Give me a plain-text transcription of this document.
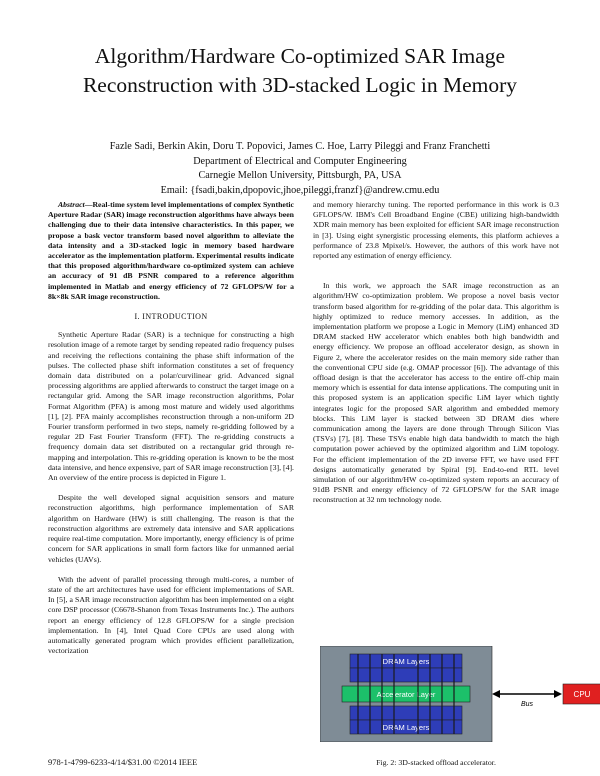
Algorithm/Hardware Co-optimized SAR Image
Reconstruction with 3D-stacked Logic in Memory
Fazle Sadi, Berkin Akin, Doru T. Popovici, James C. Hoe, Larry Pileggi and Franz Franchetti
Department of Electrical and Computer Engineering
Carnegie Mellon University, Pittsburgh, PA, USA
Email: {fsadi,bakin,dpopovic,jhoe,pileggi,franzf}@andrew.cmu.edu

Abstract—Real-time system level implementations of complex Synthetic Aperture Radar (SAR) image reconstruction algorithms have always been challenging due to their data intensive characteristics. In this paper, we propose a bask vector transform based novel algorithm to alleviate the data intensity and a 3D-stacked logic in memory based hardware accelerator as the implementation platform. Experimental results indicate that this proposed algorithm/hardware co-optimized system can achieve an accuracy of 91 dB PSNR compared to a reference algorithm implemented in Matlab and energy efficiency of 72 GFLOPS/W for a 8k×8k SAR image reconstruction.

I. INTRODUCTION

Synthetic Aperture Radar (SAR) is a technique for constructing a high resolution image of a remote target by sending repeated radio frequency pulses and receiving the reflections containing the phase shift information of the pulses. The collected phase shift information constitutes a set of frequency domain data distributed on a polar/curvilinear grid. Advanced signal processing algorithms are applied afterwards to construct the target image on a rectangular grid. Among the SAR image reconstruction algorithms, Polar Format Algorithm (PFA) is among most mature and widely used algorithms [1], [2]. PFA mainly accomplishes reconstruction through a non-uniform 2D Fourier transform performed in two steps, namely re-gridding followed by a regular 2D Fast Fourier Transform (FFT). The re-gridding constructs a frequency domain data set distributed on a rectangular grid through re-mapping and interpolation. This re-gridding operation is known to be the most data intensive, and hence expensive, part of SAR image reconstruction [3], [4]. An overview of the entire process is depicted in Figure 1.

Despite the well developed signal acquisition sensors and mature reconstruction algorithms, high performance implementation of SAR algorithm on Hardware (HW) is still challenging. The reason is that the reconstruction algorithms are extremely data intensive and SAR applications require real-time computation. More importantly, energy efficiency is of prime concern for SAR applications in small form factors like for unmanned aerial vehicles (UAVs).

With the advent of parallel processing through multi-cores, a number of state of the art architectures have used for efficient implementations of SAR. In [5], a SAR image reconstruction algorithm has been implemented on a eight core DSP processor (C6678-Shanon from Texas Instruments Inc.). The authors report an energy efficiency of 12.8 GFLOPS/W for a single precision implementation. In [4], Intel Quad Core CPUs are used along with automatically generated program which provides efficient parallelization, vectorization

and memory hierarchy tuning. The reported performance in this work is 0.3 GFLOPS/W. IBM's Cell Broadband Engine (CBE) utilizing high-bandwidth XDR main memory has been exploited for efficient SAR image reconstruction in [3]. Using eight synergistic processing elements, this platform achieves a performance of 23.8 Mpixel/s. However, the authors of this work have not reported any estimation of energy efficiency.

In this work, we approach the SAR image reconstruction as an algorithm/HW co-optimization problem. We propose a novel basis vector transform based algorithm for re-gridding of the polar data. This algorithm is highly optimized to reduce memory accesses. In addition, as the implementation platform we propose a Logic in Memory (LiM) enhanced 3D DRAM stacked HW accelerator which enables both high bandwidth and energy efficiency. We propose an offload accelerator design, as shown in Figure 2, where the accelerator resides on the main memory side rather than the conventional CPU side (e.g. OMAP processor [6]). The advantage of this offload design is that the accelerator has access to the entire off-chip main memory which is essential for data intense applications. The computing unit in this proposed system is an application specific LiM layer which tightly integrates logic for the proposed SAR algorithm and embedded memory blocks. This LiM layer is stacked between 3D DRAM dies where communication among the layers are done through Through Silicon Vias (TSVs) [7], [8]. These TSVs enable high data bandwidth to match the high computation power achieved by the optimized algorithm and LiM topology. For the efficient implementation of the 2D inverse FFT, we have used FFT designs automatically generated by Spiral [9]. End-to-end RTL level simulation of our algorithm/HW co-optimized system reports an accuracy of 91dB PSNR and energy efficiency of 72 GFLOPS/W for the SAR image reconstruction at 32 nm technology node.

DRAM Layers
Accelerator Layer
DRAM Layers
Bus
CPU
Fig. 2: 3D-stacked offload accelerator.
978-1-4799-6233-4/14/$31.00 ©2014 IEEE
